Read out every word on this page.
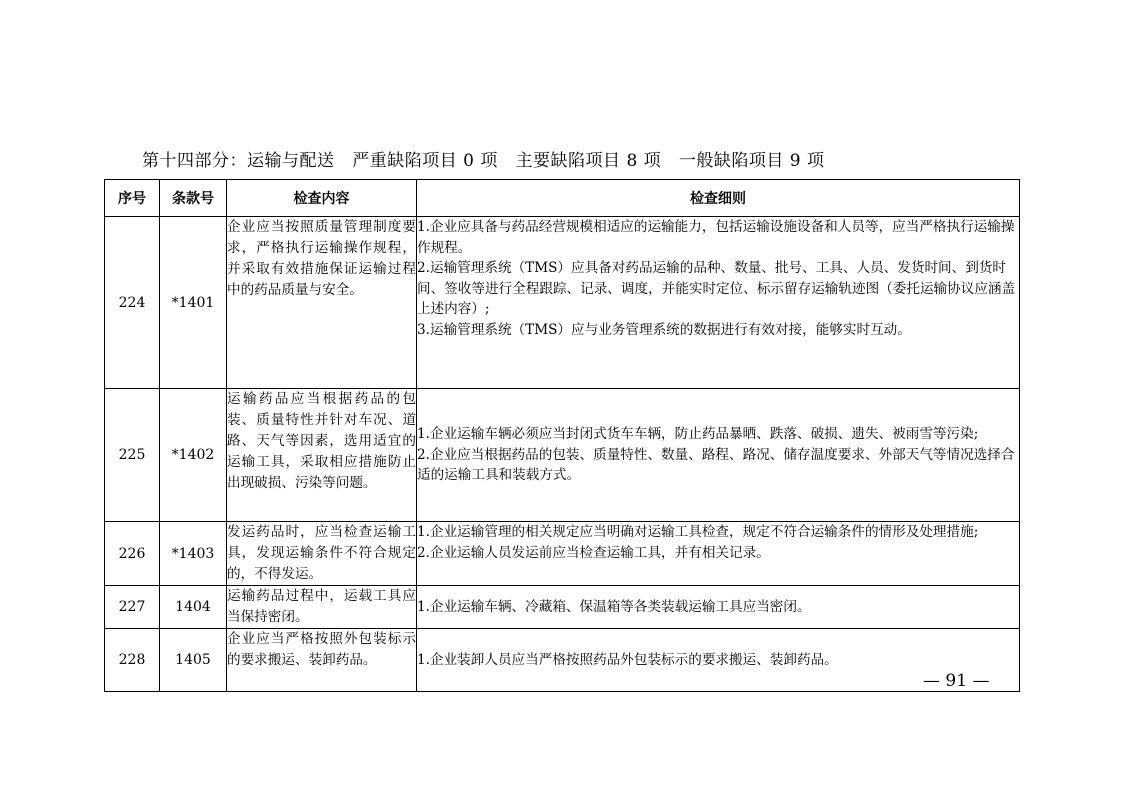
第十四部分：运输与配送   严重缺陷项目 0 项   主要缺陷项目 8 项   一般缺陷项目 9 项
序号	条款号	检查内容	检查细则
224	*1401	企业应当按照质量管理制度要求，严格执行运输操作规程，并采取有效措施保证运输过程中的药品质量与安全。	1.企业应具备与药品经营规模相适应的运输能力，包括运输设施设备和人员等，应当严格执行运输操作规程。
2.运输管理系统（TMS）应具备对药品运输的品种、数量、批号、工具、人员、发货时间、到货时间、签收等进行全程跟踪、记录、调度，并能实时定位、标示留存运输轨迹图（委托运输协议应涵盖上述内容）;
3.运输管理系统（TMS）应与业务管理系统的数据进行有效对接，能够实时互动。

225	*1402	运输药品应当根据药品的包装、质量特性并针对车况、道路、天气等因素，选用适宜的运输工具，采取相应措施防止出现破损、污染等问题。	1.企业运输车辆必须应当封闭式货车车辆，防止药品暴晒、跌落、破损、遗失、被雨雪等污染;
2.企业应当根据药品的包装、质量特性、数量、路程、路况、储存温度要求、外部天气等情况选择合适的运输工具和装载方式。

226	*1403	发运药品时，应当检查运输工具，发现运输条件不符合规定的，不得发运。	1.企业运输管理的相关规定应当明确对运输工具检查，规定不符合运输条件的情形及处理措施;
2.企业运输人员发运前应当检查运输工具，并有相关记录。

227	1404	运输药品过程中，运载工具应当保持密闭。	1.企业运输车辆、冷藏箱、保温箱等各类装载运输工具应当密闭。

228	1405	企业应当严格按照外包装标示的要求搬运、装卸药品。	1.企业装卸人员应当严格按照药品外包装标示的要求搬运、装卸药品。
— 91 —
